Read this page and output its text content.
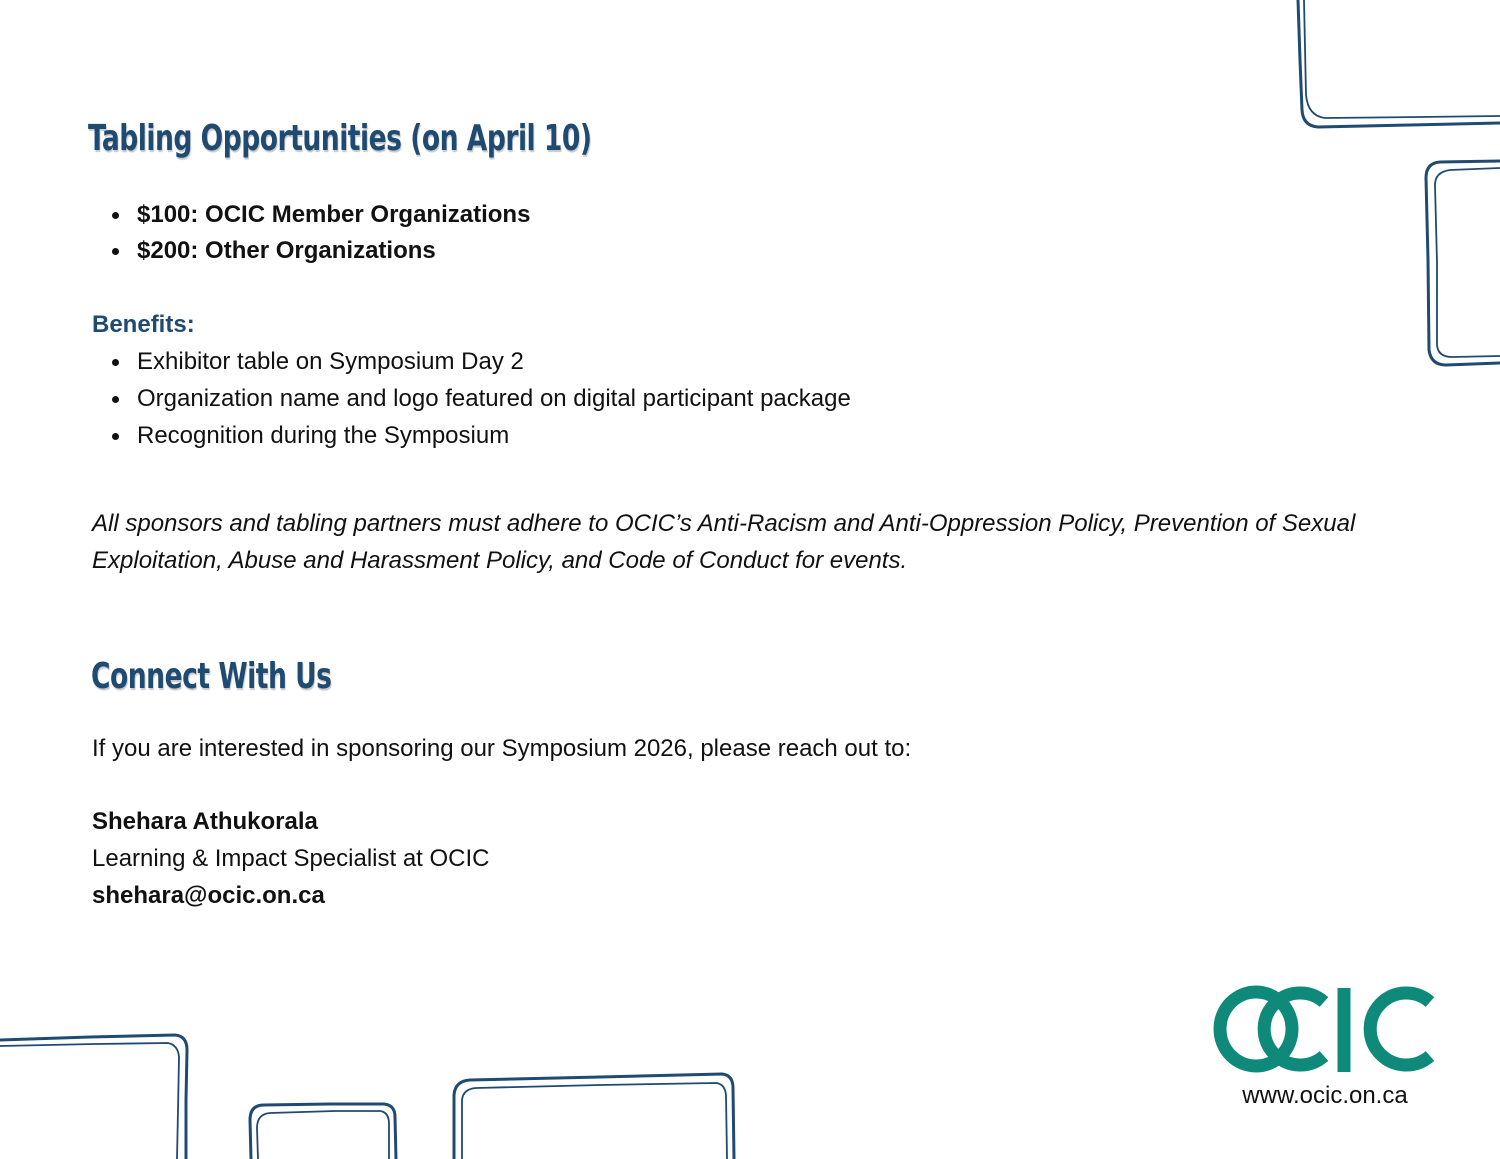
Tabling Opportunities (on April 10)
$100: OCIC Member Organizations
$200: Other Organizations
Benefits:
Exhibitor table on Symposium Day 2
Organization name and logo featured on digital participant package
Recognition during the Symposium

All sponsors and tabling partners must adhere to OCIC’s Anti-Racism and Anti-Oppression Policy, Prevention of Sexual Exploitation, Abuse and Harassment Policy, and Code of Conduct for events.

Connect With Us

If you are interested in sponsoring our Symposium 2026, please reach out to:

Shehara Athukorala

Learning & Impact Specialist at OCIC

shehara@ocic.on.ca

www.ocic.on.ca
